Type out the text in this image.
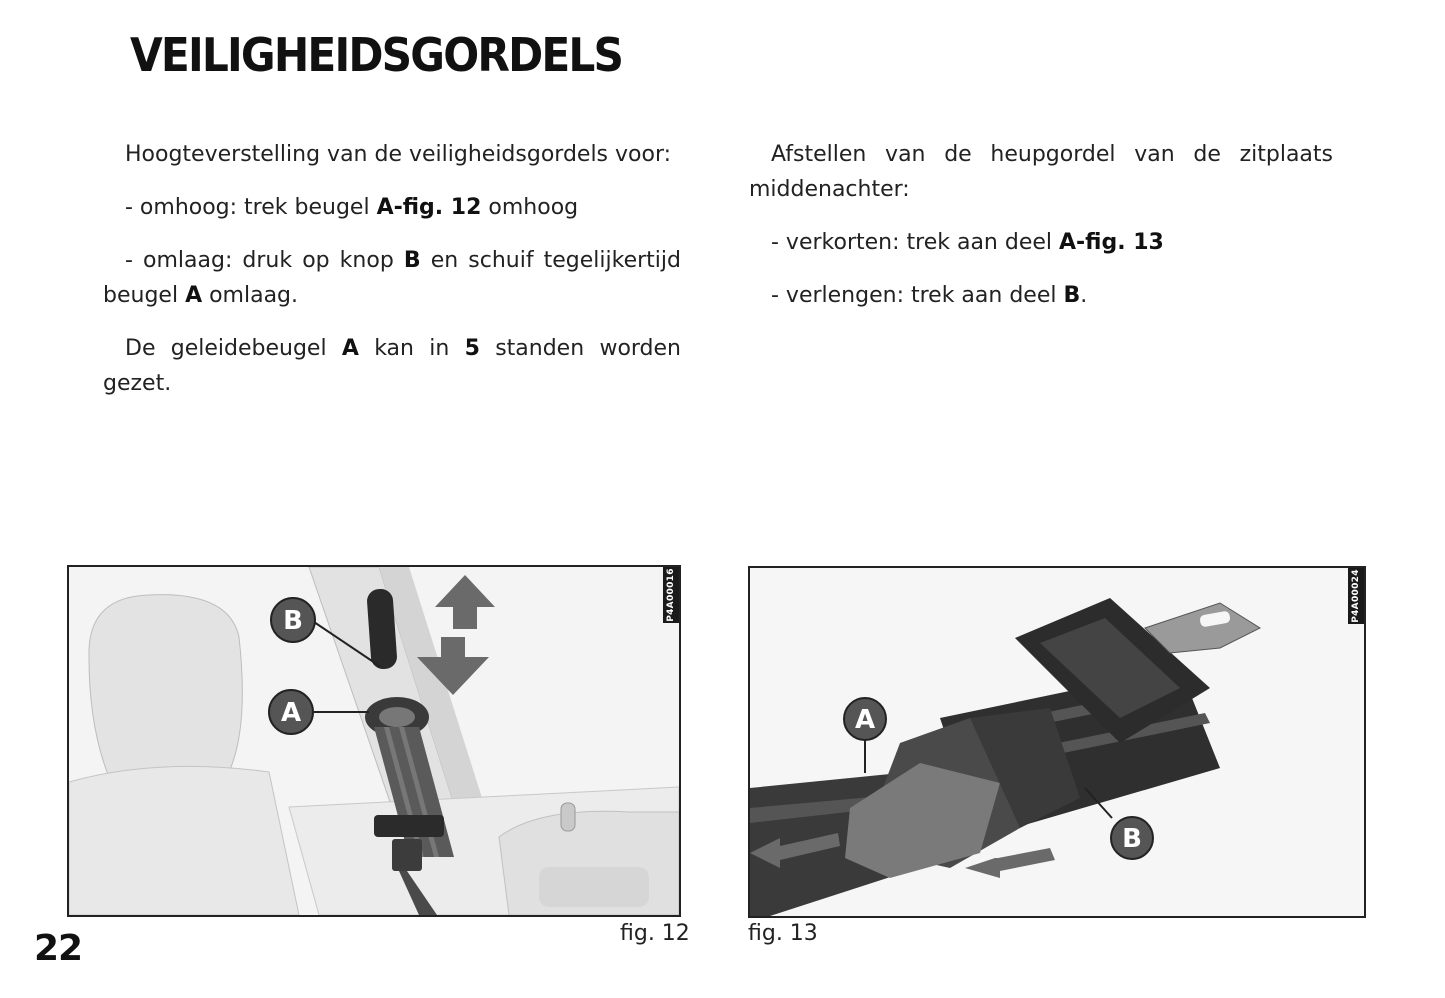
VEILIGHEIDSGORDELS

Hoogteverstelling van de veiligheidsgordels voor:

- omhoog: trek beugel A-fig. 12 omhoog

- omlaag: druk op knop B en schuif tegelijkertijd beugel A omlaag.

De geleidebeugel A kan in 5 standen worden gezet.

Afstellen van de heupgordel van de zitplaats middenachter:

- verkorten: trek aan deel A-fig. 13

- verlengen: trek aan deel B.

B
A
P4A00016
fig. 12
A
B
P4A00024
fig. 13
22
